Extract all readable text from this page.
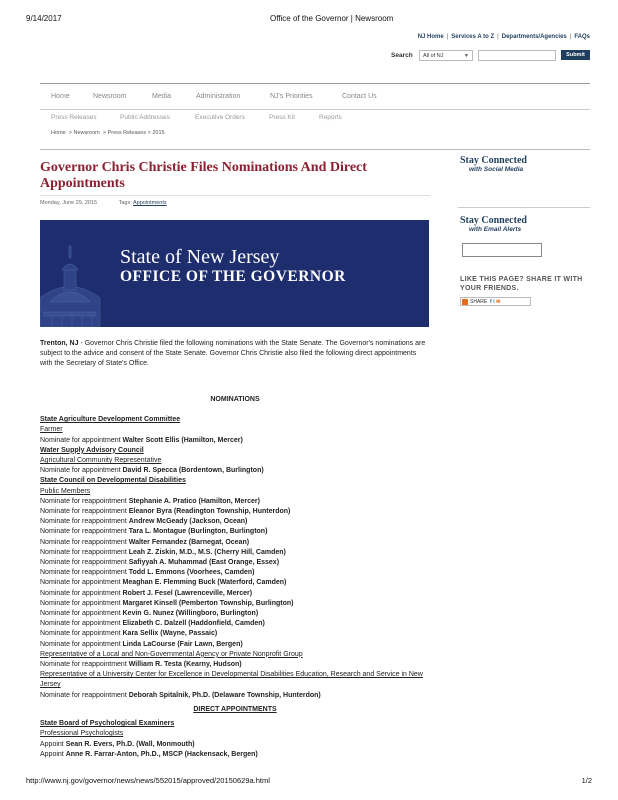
9/14/2017	Office of the Governor | Newsroom
NJ Home | Services A to Z | Departments/Agencies | FAQs
Search	All of NJ	▼	Submit
Home	Newsroom	Media	Administration	NJ's Priorities	Contact Us
Press Releases	Public Addresses	Executive Orders	Press Kit	Reports
Home  > Newsroom  > Press Releases > 2015
Governor Chris Christie Files Nominations And Direct Appointments
Monday, June 29, 2015	Tags: Appointments
State of New Jersey
OFFICE OF THE GOVERNOR
Trenton, NJ - Governor Chris Christie filed the following nominations with the State Senate. The Governor's nominations are subject to the advice and consent of the State Senate. Governor Chris Christie also filed the following direct appointments with the Secretary of State's Office.
NOMINATIONS
State Agriculture Development Committee
Farmer
Nominate for appointment Walter Scott Ellis (Hamilton, Mercer)
Water Supply Advisory Council
Agricultural Community Representative
Nominate for appointment David R. Specca (Bordentown, Burlington)
State Council on Developmental Disabilities
Public Members
Nominate for reappointment Stephanie A. Pratico (Hamilton, Mercer)
Nominate for reappointment Eleanor Byra (Readington Township, Hunterdon)
Nominate for reappointment Andrew McGeady (Jackson, Ocean)
Nominate for reappointment Tara L. Montague (Burlington, Burlington)
Nominate for reappointment Walter Fernandez (Barnegat, Ocean)
Nominate for reappointment Leah Z. Ziskin, M.D., M.S. (Cherry Hill, Camden)
Nominate for reappointment Safiyyah A. Muhammad (East Orange, Essex)
Nominate for reappointment Todd L. Emmons (Voorhees, Camden)
Nominate for appointment Meaghan E. Flemming Buck (Waterford, Camden)
Nominate for appointment Robert J. Fesel (Lawrenceville, Mercer)
Nominate for appointment Margaret Kinsell (Pemberton Township, Burlington)
Nominate for appointment Kevin G. Nunez (Willingboro, Burlington)
Nominate for appointment Elizabeth C. Dalzell (Haddonfield, Camden)
Nominate for appointment Kara Sellix (Wayne, Passaic)
Nominate for appointment Linda LaCourse (Fair Lawn, Bergen)
Representative of a Local and Non-Governmental Agency or Private Nonprofit Group
Nominate for reappointment William R. Testa (Kearny, Hudson)
Representative of a University Center for Excellence in Developmental Disabilities Education, Research and Service in New Jersey
Nominate for reappointment Deborah Spitalnik, Ph.D. (Delaware Township, Hunterdon)
DIRECT APPOINTMENTS
State Board of Psychological Examiners
Professional Psychologists
Appoint Sean R. Evers, Ph.D. (Wall, Monmouth)
Appoint Anne R. Farrar-Anton, Ph.D., MSCP (Hackensack, Bergen)
Stay Connected
with Social Media
Stay Connected
with Email Alerts
LIKE THIS PAGE? SHARE IT WITH YOUR FRIENDS.
SHARE f t ✉
http://www.nj.gov/governor/news/news/552015/approved/20150629a.html	1/2
